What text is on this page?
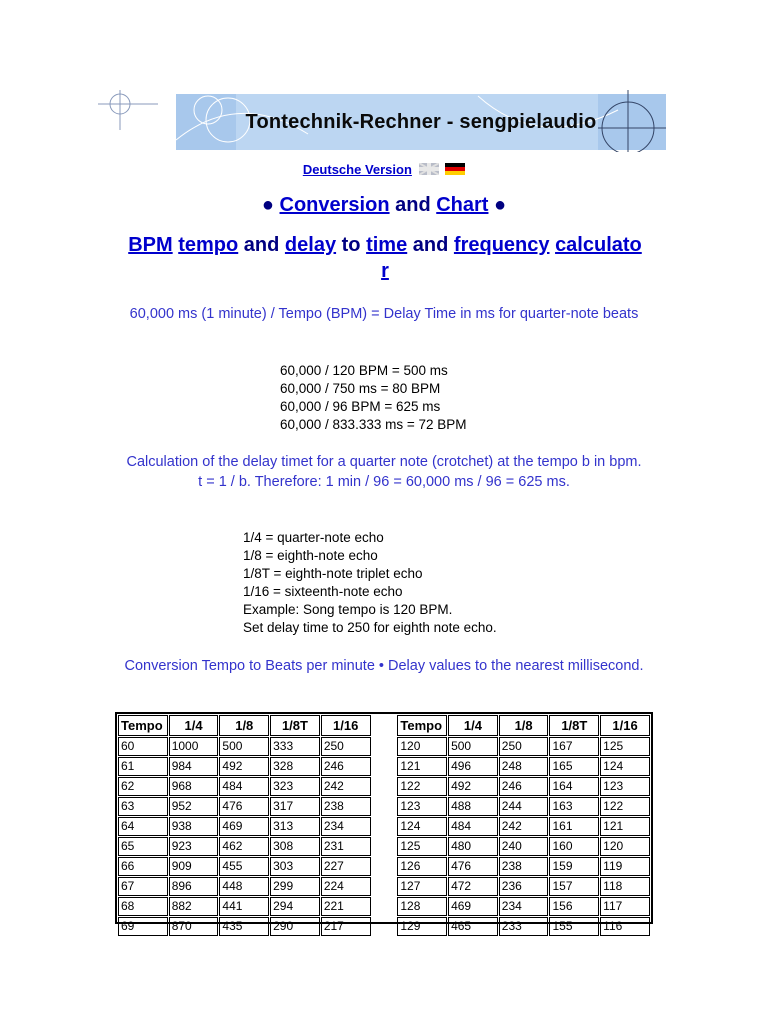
Tontechnik-Rechner - sengpielaudio
Deutsche Version
● Conversion and Chart ●
BPM tempo and delay to time and frequency calculato
r
60,000 ms (1 minute) / Tempo (BPM) = Delay Time in ms for quarter-note beats
60,000 / 120 BPM = 500 ms
60,000 / 750 ms = 80 BPM
60,000 / 96 BPM = 625 ms
60,000 / 833.333 ms = 72 BPM
Calculation of the delay timet for a quarter note (crotchet) at the tempo b in bpm.
t = 1 / b. Therefore: 1 min / 96 = 60,000 ms / 96 = 625 ms.
1/4 = quarter-note echo
1/8 = eighth-note echo
1/8T = eighth-note triplet echo
1/16 = sixteenth-note echo
Example: Song tempo is 120 BPM.
Set delay time to 250 for eighth note echo.
Conversion Tempo to Beats per minute • Delay values to the nearest millisecond.
Tempo	1/4	1/8	1/8T	1/16		Tempo	1/4	1/8	1/8T	1/16
60	1000	500	333	250		120	500	250	167	125
61	984	492	328	246		121	496	248	165	124
62	968	484	323	242		122	492	246	164	123
63	952	476	317	238		123	488	244	163	122
64	938	469	313	234		124	484	242	161	121
65	923	462	308	231		125	480	240	160	120
66	909	455	303	227		126	476	238	159	119
67	896	448	299	224		127	472	236	157	118
68	882	441	294	221		128	469	234	156	117
69	870	435	290	217		129	465	233	155	116
